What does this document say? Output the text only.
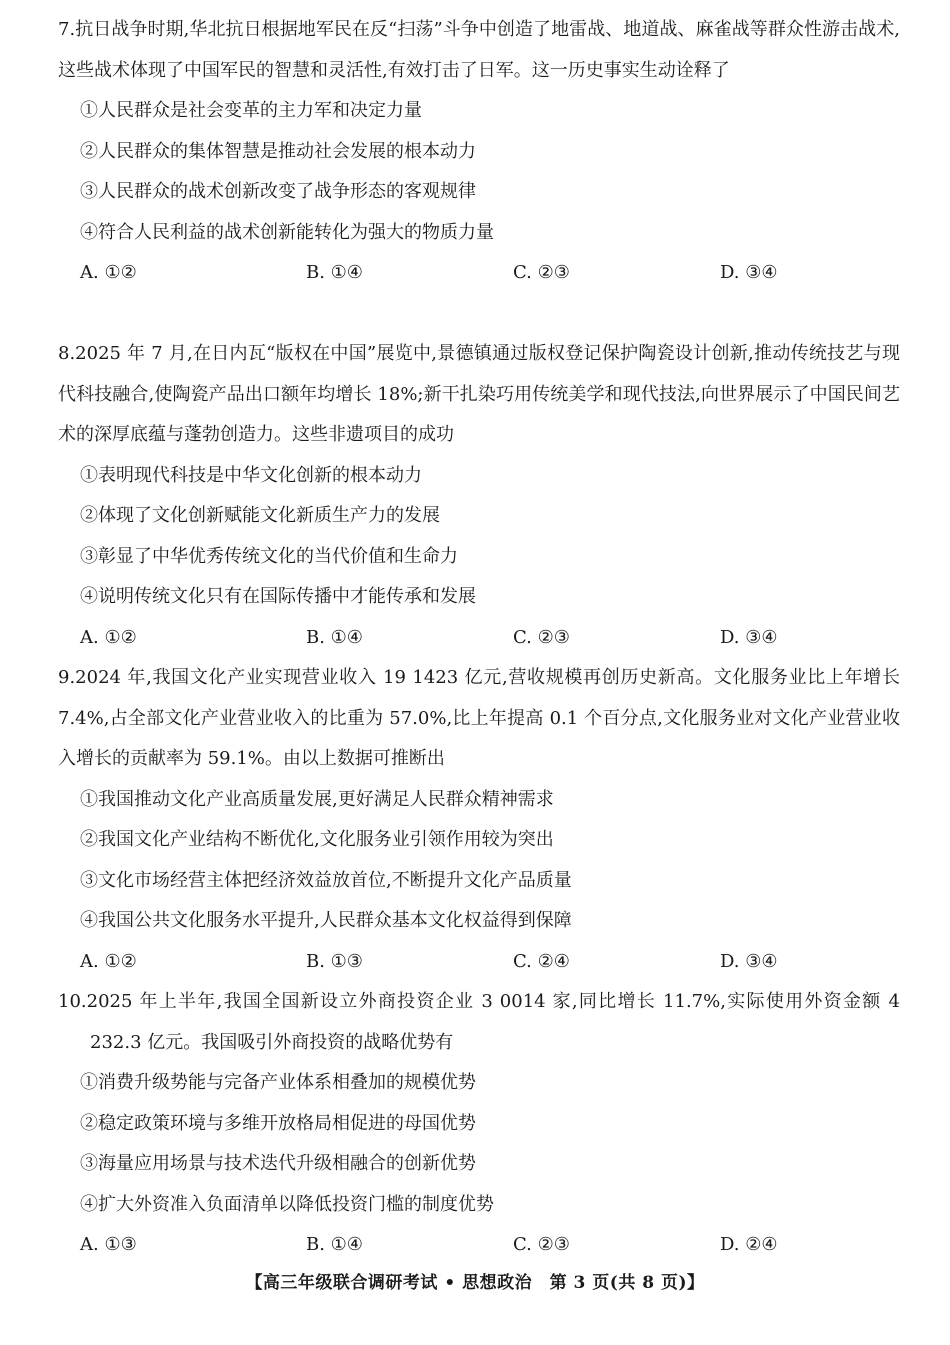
7.抗日战争时期,华北抗日根据地军民在反“扫荡”斗争中创造了地雷战、地道战、麻雀战等群众性游击战术,这些战术体现了中国军民的智慧和灵活性,有效打击了日军。这一历史事实生动诠释了

①人民群众是社会变革的主力军和决定力量

②人民群众的集体智慧是推动社会发展的根本动力

③人民群众的战术创新改变了战争形态的客观规律

④符合人民利益的战术创新能转化为强大的物质力量

A. ①②	B. ①④	C. ②③	D. ③④

8.2025 年 7 月,在日内瓦“版权在中国”展览中,景德镇通过版权登记保护陶瓷设计创新,推动传统技艺与现代科技融合,使陶瓷产品出口额年均增长 18%;新干扎染巧用传统美学和现代技法,向世界展示了中国民间艺术的深厚底蕴与蓬勃创造力。这些非遗项目的成功

①表明现代科技是中华文化创新的根本动力

②体现了文化创新赋能文化新质生产力的发展

③彰显了中华优秀传统文化的当代价值和生命力

④说明传统文化只有在国际传播中才能传承和发展

A. ①②	B. ①④	C. ②③	D. ③④

9.2024 年,我国文化产业实现营业收入 19 1423 亿元,营收规模再创历史新高。文化服务业比上年增长 7.4%,占全部文化产业营业收入的比重为 57.0%,比上年提高 0.1 个百分点,文化服务业对文化产业营业收入增长的贡献率为 59.1%。由以上数据可推断出

①我国推动文化产业高质量发展,更好满足人民群众精神需求

②我国文化产业结构不断优化,文化服务业引领作用较为突出

③文化市场经营主体把经济效益放首位,不断提升文化产品质量

④我国公共文化服务水平提升,人民群众基本文化权益得到保障

A. ①②	B. ①③	C. ②④	D. ③④

10.2025 年上半年,我国全国新设立外商投资企业 3 0014 家,同比增长 11.7%,实际使用外资金额 4 232.3 亿元。我国吸引外商投资的战略优势有

①消费升级势能与完备产业体系相叠加的规模优势

②稳定政策环境与多维开放格局相促进的母国优势

③海量应用场景与技术迭代升级相融合的创新优势

④扩大外资准入负面清单以降低投资门槛的制度优势

A. ①③	B. ①④	C. ②③	D. ②④
【高三年级联合调研考试 • 思想政治　第 3 页(共 8 页)】
